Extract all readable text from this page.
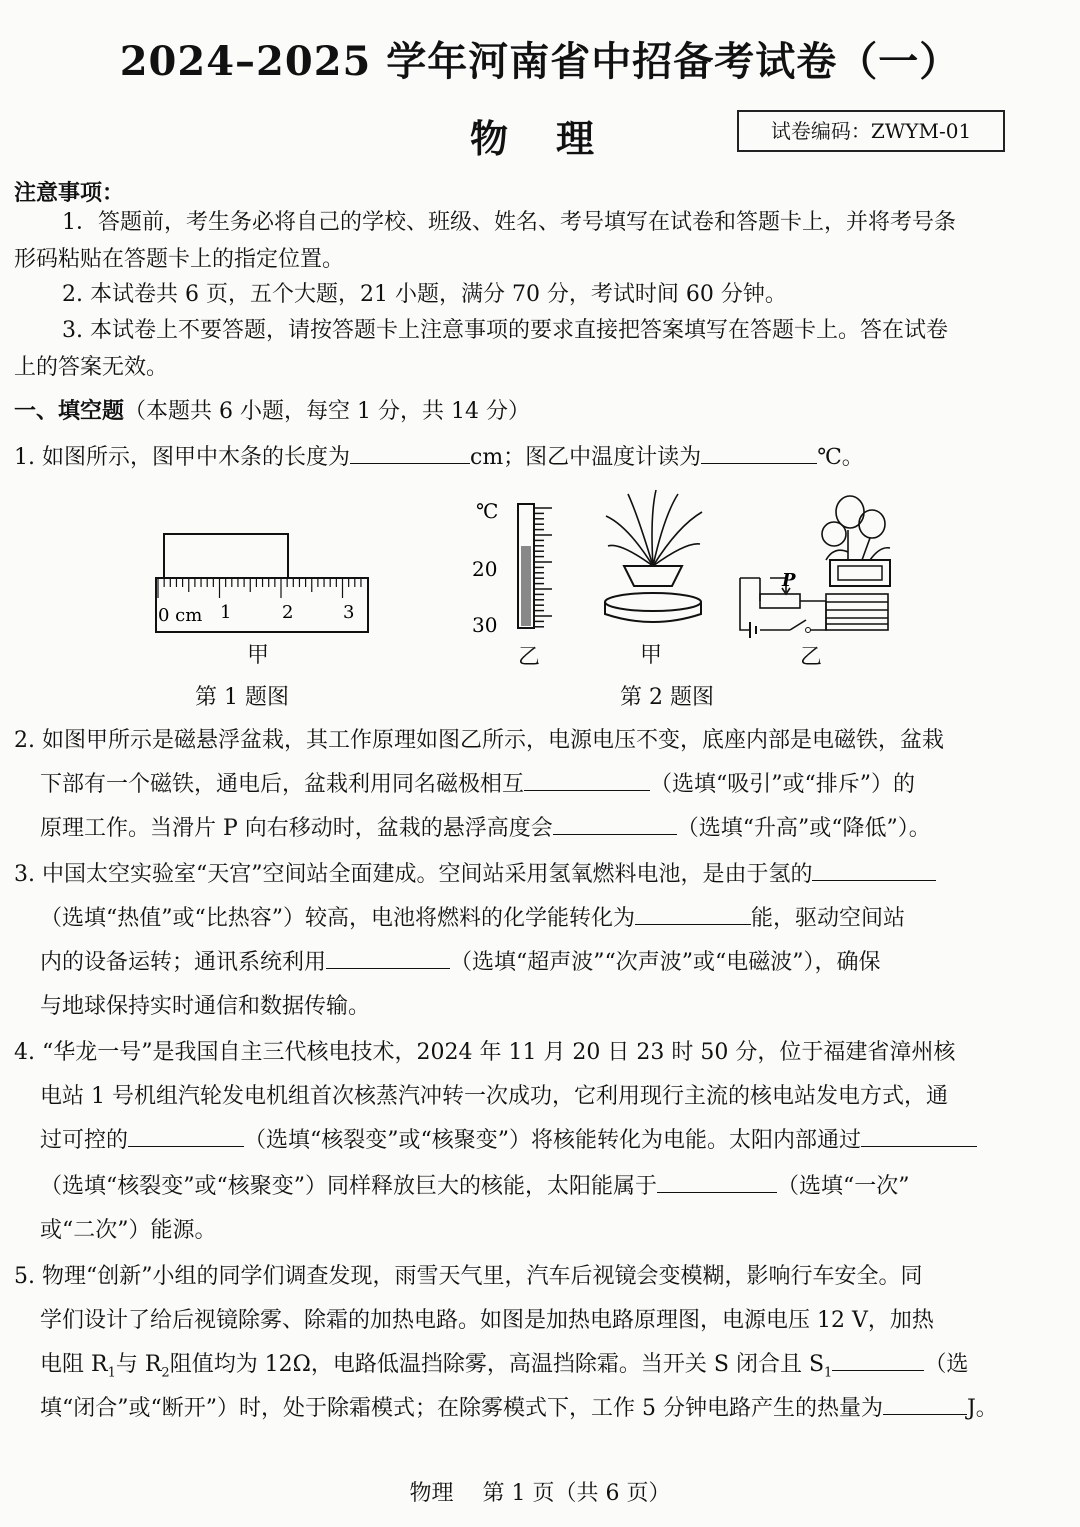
2024–2025 学年河南省中招备考试卷（一）
物理	试卷编码：ZWYM-01
注意事项：
1．答题前，考生务必将自己的学校、班级、姓名、考号填写在试卷和答题卡上，并将考号条
形码粘贴在答题卡上的指定位置。
2. 本试卷共 6 页，五个大题，21 小题，满分 70 分，考试时间 60 分钟。
3. 本试卷上不要答题，请按答题卡上注意事项的要求直接把答案填写在答题卡上。答在试卷
上的答案无效。
一、填空题（本题共 6 小题，每空 1 分，共 14 分）
1. 如图所示，图甲中木条的长度为	cm；图乙中温度计读为	℃。
0 cm 1	2	3
甲
℃
20
30
乙
第 1 题图
甲
P
乙
第 2 题图
2. 如图甲所示是磁悬浮盆栽，其工作原理如图乙所示，电源电压不变，底座内部是电磁铁，盆栽
下部有一个磁铁，通电后，盆栽利用同名磁极相互	（选填“吸引”或“排斥”）的
原理工作。当滑片 P 向右移动时，盆栽的悬浮高度会	（选填“升高”或“降低”）。
3. 中国太空实验室“天宫”空间站全面建成。空间站采用氢氧燃料电池，是由于氢的
（选填“热值”或“比热容”）较高，电池将燃料的化学能转化为	能，驱动空间站
内的设备运转；通讯系统利用	（选填“超声波”“次声波”或“电磁波”），确保
与地球保持实时通信和数据传输。
4. “华龙一号”是我国自主三代核电技术，2024 年 11 月 20 日 23 时 50 分，位于福建省漳州核
电站 1 号机组汽轮发电机组首次核蒸汽冲转一次成功，它利用现行主流的核电站发电方式，通
过可控的	（选填“核裂变”或“核聚变”）将核能转化为电能。太阳内部通过
（选填“核裂变”或“核聚变”）同样释放巨大的核能，太阳能属于	（选填“一次”
或“二次”）能源。
5. 物理“创新”小组的同学们调查发现，雨雪天气里，汽车后视镜会变模糊，影响行车安全。同
学们设计了给后视镜除雾、除霜的加热电路。如图是加热电路原理图，电源电压 12 V，加热
电阻 $R_1$与 $R_2$阻值均为 12Ω，电路低温挡除雾，高温挡除霜。当开关 S 闭合且 $S_1$	（选
填“闭合”或“断开”）时，处于除霜模式；在除雾模式下，工作 5 分钟电路产生的热量为	J。
物理　 第 1 页（共 6 页）
